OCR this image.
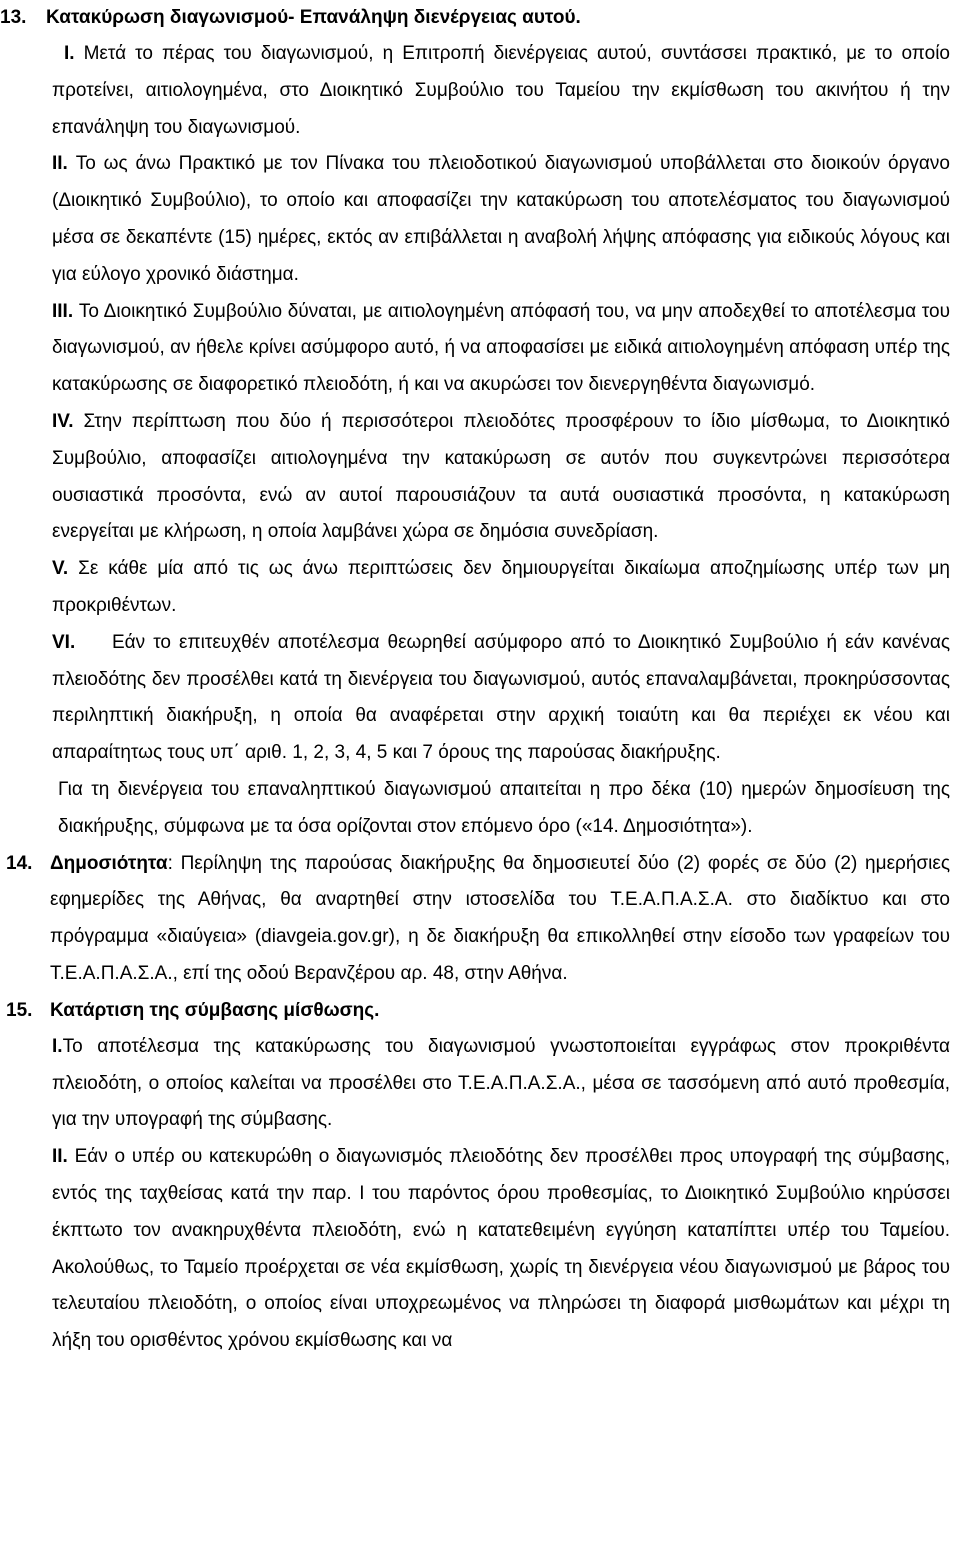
13. Κατακύρωση διαγωνισμού- Επανάληψη διενέργειας αυτού.

I. Μετά το πέρας του διαγωνισμού, η Επιτροπή διενέργειας αυτού, συντάσσει πρακτικό, με το οποίο προτείνει, αιτιολογημένα, στο Διοικητικό Συμβούλιο του Ταμείου την εκμίσθωση του ακινήτου ή την επανάληψη του διαγωνισμού.

II. Το ως άνω Πρακτικό με τον Πίνακα του πλειοδοτικού διαγωνισμού υποβάλλεται στο διοικούν όργανο (Διοικητικό Συμβούλιο), το οποίο και αποφασίζει την κατακύρωση του αποτελέσματος του διαγωνισμού μέσα σε δεκαπέντε (15) ημέρες, εκτός αν επιβάλλεται η αναβολή λήψης απόφασης για ειδικούς λόγους και για εύλογο χρονικό διάστημα.

III. Το Διοικητικό Συμβούλιο δύναται, με αιτιολογημένη απόφασή του, να μην αποδεχθεί το αποτέλεσμα του διαγωνισμού, αν ήθελε κρίνει ασύμφορο αυτό, ή να αποφασίσει με ειδικά αιτιολογημένη απόφαση υπέρ της κατακύρωσης σε διαφορετικό πλειοδότη, ή και να ακυρώσει τον διενεργηθέντα διαγωνισμό.

IV. Στην περίπτωση που δύο ή περισσότεροι πλειοδότες προσφέρουν το ίδιο μίσθωμα, το Διοικητικό Συμβούλιο, αποφασίζει αιτιολογημένα την κατακύρωση σε αυτόν που συγκεντρώνει περισσότερα ουσιαστικά προσόντα, ενώ αν αυτοί παρουσιάζουν τα αυτά ουσιαστικά προσόντα, η κατακύρωση ενεργείται με κλήρωση, η οποία λαμβάνει χώρα σε δημόσια συνεδρίαση.

V. Σε κάθε μία από τις ως άνω περιπτώσεις δεν δημιουργείται δικαίωμα αποζημίωσης υπέρ των μη προκριθέντων.

VI. Εάν το επιτευχθέν αποτέλεσμα θεωρηθεί ασύμφορο από το Διοικητικό Συμβούλιο ή εάν κανένας πλειοδότης δεν προσέλθει κατά τη διενέργεια του διαγωνισμού, αυτός επαναλαμβάνεται, προκηρύσσοντας περιληπτική διακήρυξη, η οποία θα αναφέρεται στην αρχική τοιαύτη και θα περιέχει εκ νέου και απαραίτητως τους υπ΄ αριθ. 1, 2, 3, 4, 5 και 7 όρους της παρούσας διακήρυξης.

Για τη διενέργεια του επαναληπτικού διαγωνισμού απαιτείται η προ δέκα (10) ημερών δημοσίευση της διακήρυξης, σύμφωνα με τα όσα ορίζονται στον επόμενο όρο («14. Δημοσιότητα»).

14. Δημοσιότητα: Περίληψη της παρούσας διακήρυξης θα δημοσιευτεί δύο (2) φορές σε δύο (2) ημερήσιες εφημερίδες της Αθήνας, θα αναρτηθεί στην ιστοσελίδα του Τ.Ε.Α.Π.Α.Σ.Α. στο διαδίκτυο και στο πρόγραμμα «διαύγεια» (diavgeia.gov.gr), η δε διακήρυξη θα επικολληθεί στην είσοδο των γραφείων του Τ.Ε.Α.Π.Α.Σ.Α., επί της οδού Βερανζέρου αρ. 48, στην Αθήνα.

15. Κατάρτιση της σύμβασης μίσθωσης.

I.Το αποτέλεσμα της κατακύρωσης του διαγωνισμού γνωστοποιείται εγγράφως στον προκριθέντα πλειοδότη, ο οποίος καλείται να προσέλθει στο Τ.Ε.Α.Π.Α.Σ.Α., μέσα σε τασσόμενη από αυτό προθεσμία, για την υπογραφή της σύμβασης.

II. Εάν ο υπέρ ου κατεκυρώθη ο διαγωνισμός πλειοδότης δεν προσέλθει προς υπογραφή της σύμβασης, εντός της ταχθείσας κατά την παρ. Ι του παρόντος όρου προθεσμίας, το Διοικητικό Συμβούλιο κηρύσσει έκπτωτο τον ανακηρυχθέντα πλειοδότη, ενώ η κατατεθειμένη εγγύηση καταπίπτει υπέρ του Ταμείου. Ακολούθως, το Ταμείο προέρχεται σε νέα εκμίσθωση, χωρίς τη διενέργεια νέου διαγωνισμού με βάρος του τελευταίου πλειοδότη, ο οποίος είναι υποχρεωμένος να πληρώσει τη διαφορά μισθωμάτων και μέχρι τη λήξη του ορισθέντος χρόνου εκμίσθωσης και να
